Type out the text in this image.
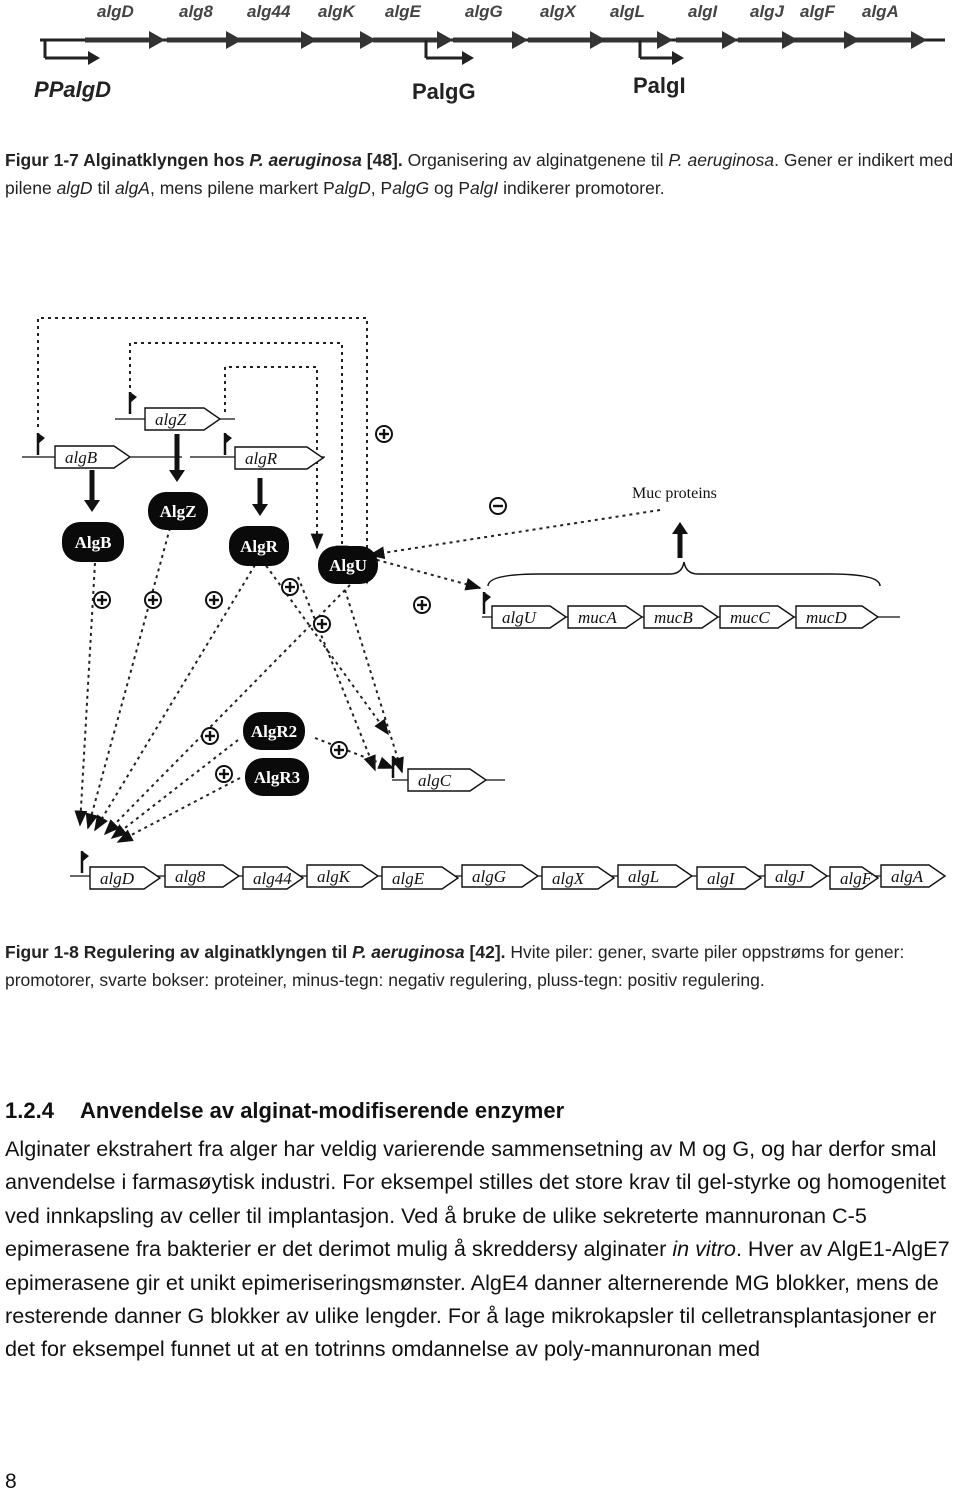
algD	alg8 alg44 algK algE	algG algX algL	algI algJ algF algA
PPalgD	PalgG	PalgI
Figur 1-7 Alginatklyngen hos P. aeruginosa [48]. Organisering av alginatgenene til P. aeruginosa. Gener er indikert med pilene algD til algA, mens pilene markert PalgD, PalgG og PalgI indikerer promotorer.
algB
algZ
algR
algU mucA mucB mucC mucD
algC
algD alg8	alg44 algK algE	algG	algX	algL	algI algJ algF algA
AlgB
AlgZ
AlgR
AlgU
AlgR2
AlgR3
Muc proteins
Figur 1-8 Regulering av alginatklyngen til P. aeruginosa [42]. Hvite piler: gener, svarte piler oppstrøms for gener: promotorer, svarte bokser: proteiner, minus-tegn: negativ regulering, pluss-tegn: positiv regulering.
1.2.4 Anvendelse av alginat-modifiserende enzymer
Alginater ekstrahert fra alger har veldig varierende sammensetning av M og G, og har derfor smal anvendelse i farmasøytisk industri. For eksempel stilles det store krav til gel-styrke og homogenitet ved innkapsling av celler til implantasjon. Ved å bruke de ulike sekreterte mannuronan C-5 epimerasene fra bakterier er det derimot mulig å skreddersy alginater in vitro. Hver av AlgE1-AlgE7 epimerasene gir et unikt epimeriseringsmønster. AlgE4 danner alternerende MG blokker, mens de resterende danner G blokker av ulike lengder. For å lage mikrokapsler til celletransplantasjoner er det for eksempel funnet ut at en totrinns omdannelse av poly-mannuronan med
8
